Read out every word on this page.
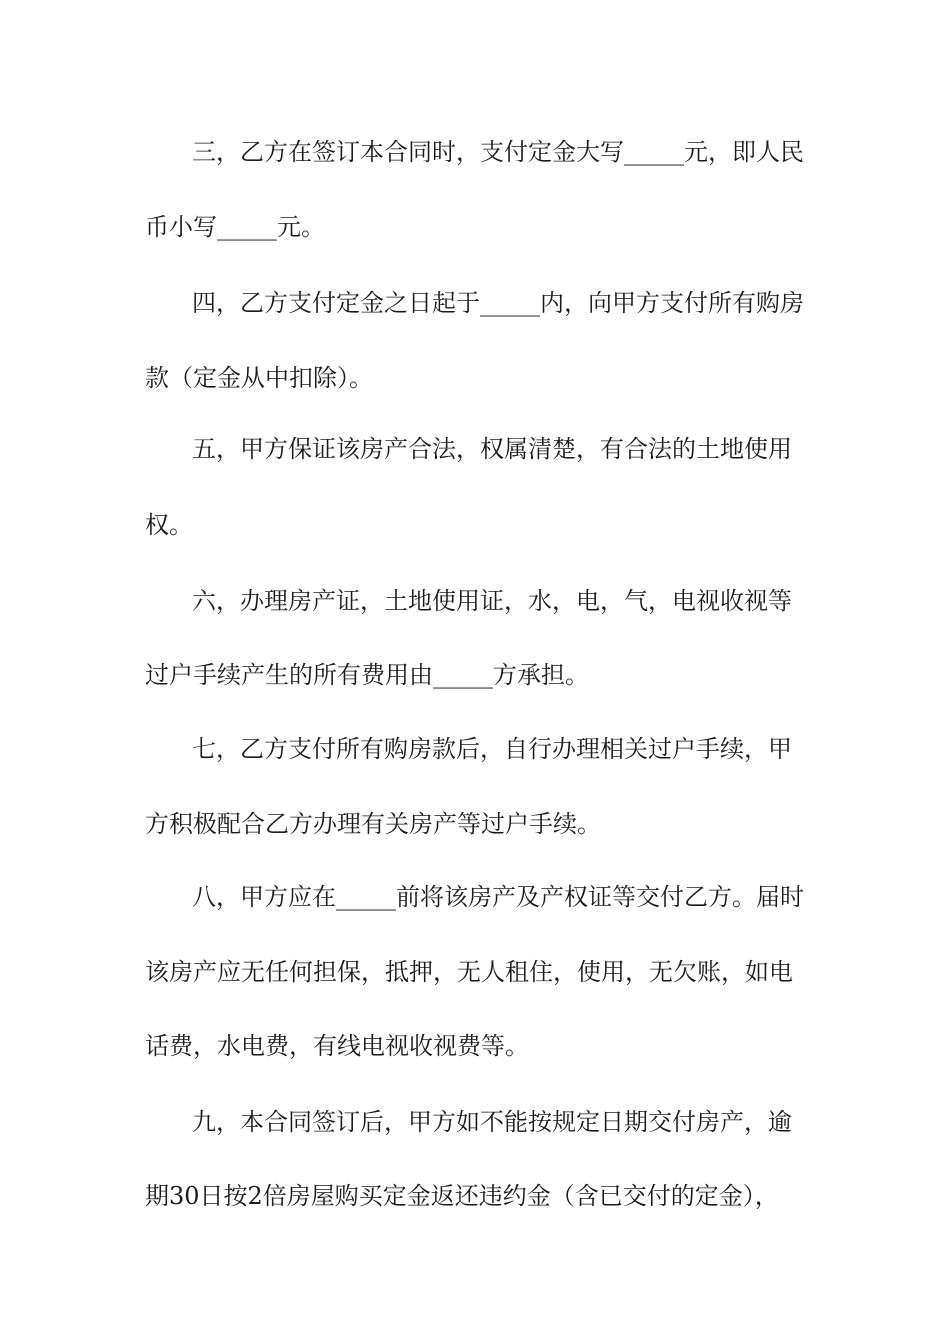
三，乙方在签订本合同时，支付定金大写_____元，即人民
币小写_____元。
四，乙方支付定金之日起于_____内，向甲方支付所有购房
款（定金从中扣除）。
五，甲方保证该房产合法，权属清楚，有合法的土地使用
权。
六，办理房产证，土地使用证，水，电，气，电视收视等
过户手续产生的所有费用由_____方承担。
七，乙方支付所有购房款后，自行办理相关过户手续，甲
方积极配合乙方办理有关房产等过户手续。
八，甲方应在_____前将该房产及产权证等交付乙方。届时
该房产应无任何担保，抵押，无人租住，使用，无欠账，如电
话费，水电费，有线电视收视费等。
九，本合同签订后，甲方如不能按规定日期交付房产，逾
期30日按2倍房屋购买定金返还违约金（含已交付的定金），
